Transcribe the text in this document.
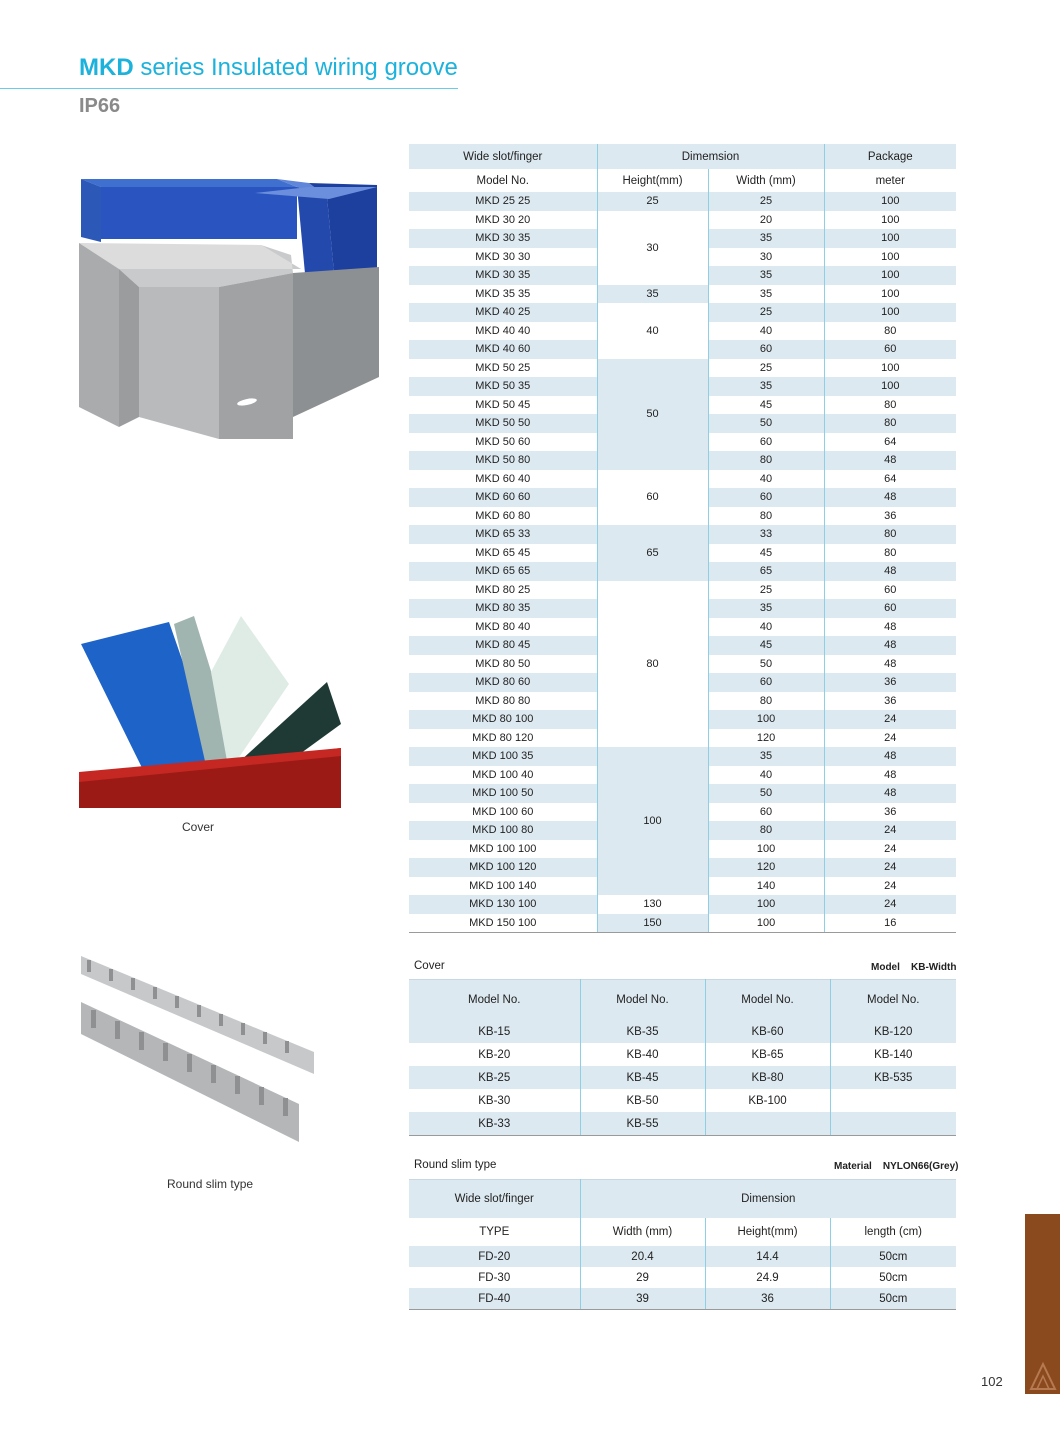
MKD series Insulated wiring groove
IP66
Cover
Round slim type
Wide slot/finger	Dimemsion		Package
Model No.	Height(mm)	Width (mm)	meter
MKD 25 25	25	25	100
MKD 30 20	30	20	100
MKD 30 35		35	100
MKD 30 30		30	100
MKD 30 35		35	100
MKD 35 35	35	35	100
MKD 40 25	40	25	100
MKD 40 40		40	80
MKD 40 60		60	60
MKD 50 25	50	25	100
MKD 50 35		35	100
MKD 50 45		45	80
MKD 50 50		50	80
MKD 50 60		60	64
MKD 50 80		80	48
MKD 60 40	60	40	64
MKD 60 60		60	48
MKD 60 80		80	36
MKD 65 33	65	33	80
MKD 65 45		45	80
MKD 65 65		65	48
MKD 80 25	80	25	60
MKD 80 35		35	60
MKD 80 40		40	48
MKD 80 45		45	48
MKD 80 50		50	48
MKD 80 60		60	36
MKD 80 80		80	36
MKD 80 100		100	24
MKD 80 120		120	24
MKD 100 35	100	35	48
MKD 100 40		40	48
MKD 100 50		50	48
MKD 100 60		60	36
MKD 100 80		80	24
MKD 100 100		100	24
MKD 100 120		120	24
MKD 100 140		140	24
MKD 130 100	130	100	24
MKD 150 100	150	100	16
Cover	Model    KB-Width
Model No.	Model No.	Model No.	Model No.
KB-15	KB-35	KB-60	KB-120
KB-20	KB-40	KB-65	KB-140
KB-25	KB-45	KB-80	KB-535
KB-30	KB-50	KB-100	
KB-33	KB-55		
Round slim type	Material    NYLON66(Grey)
Wide slot/finger	Dimension		
TYPE	Width (mm)	Height(mm)	length (cm)
FD-20	20.4	14.4	50cm
FD-30	29	24.9	50cm
FD-40	39	36	50cm
102
